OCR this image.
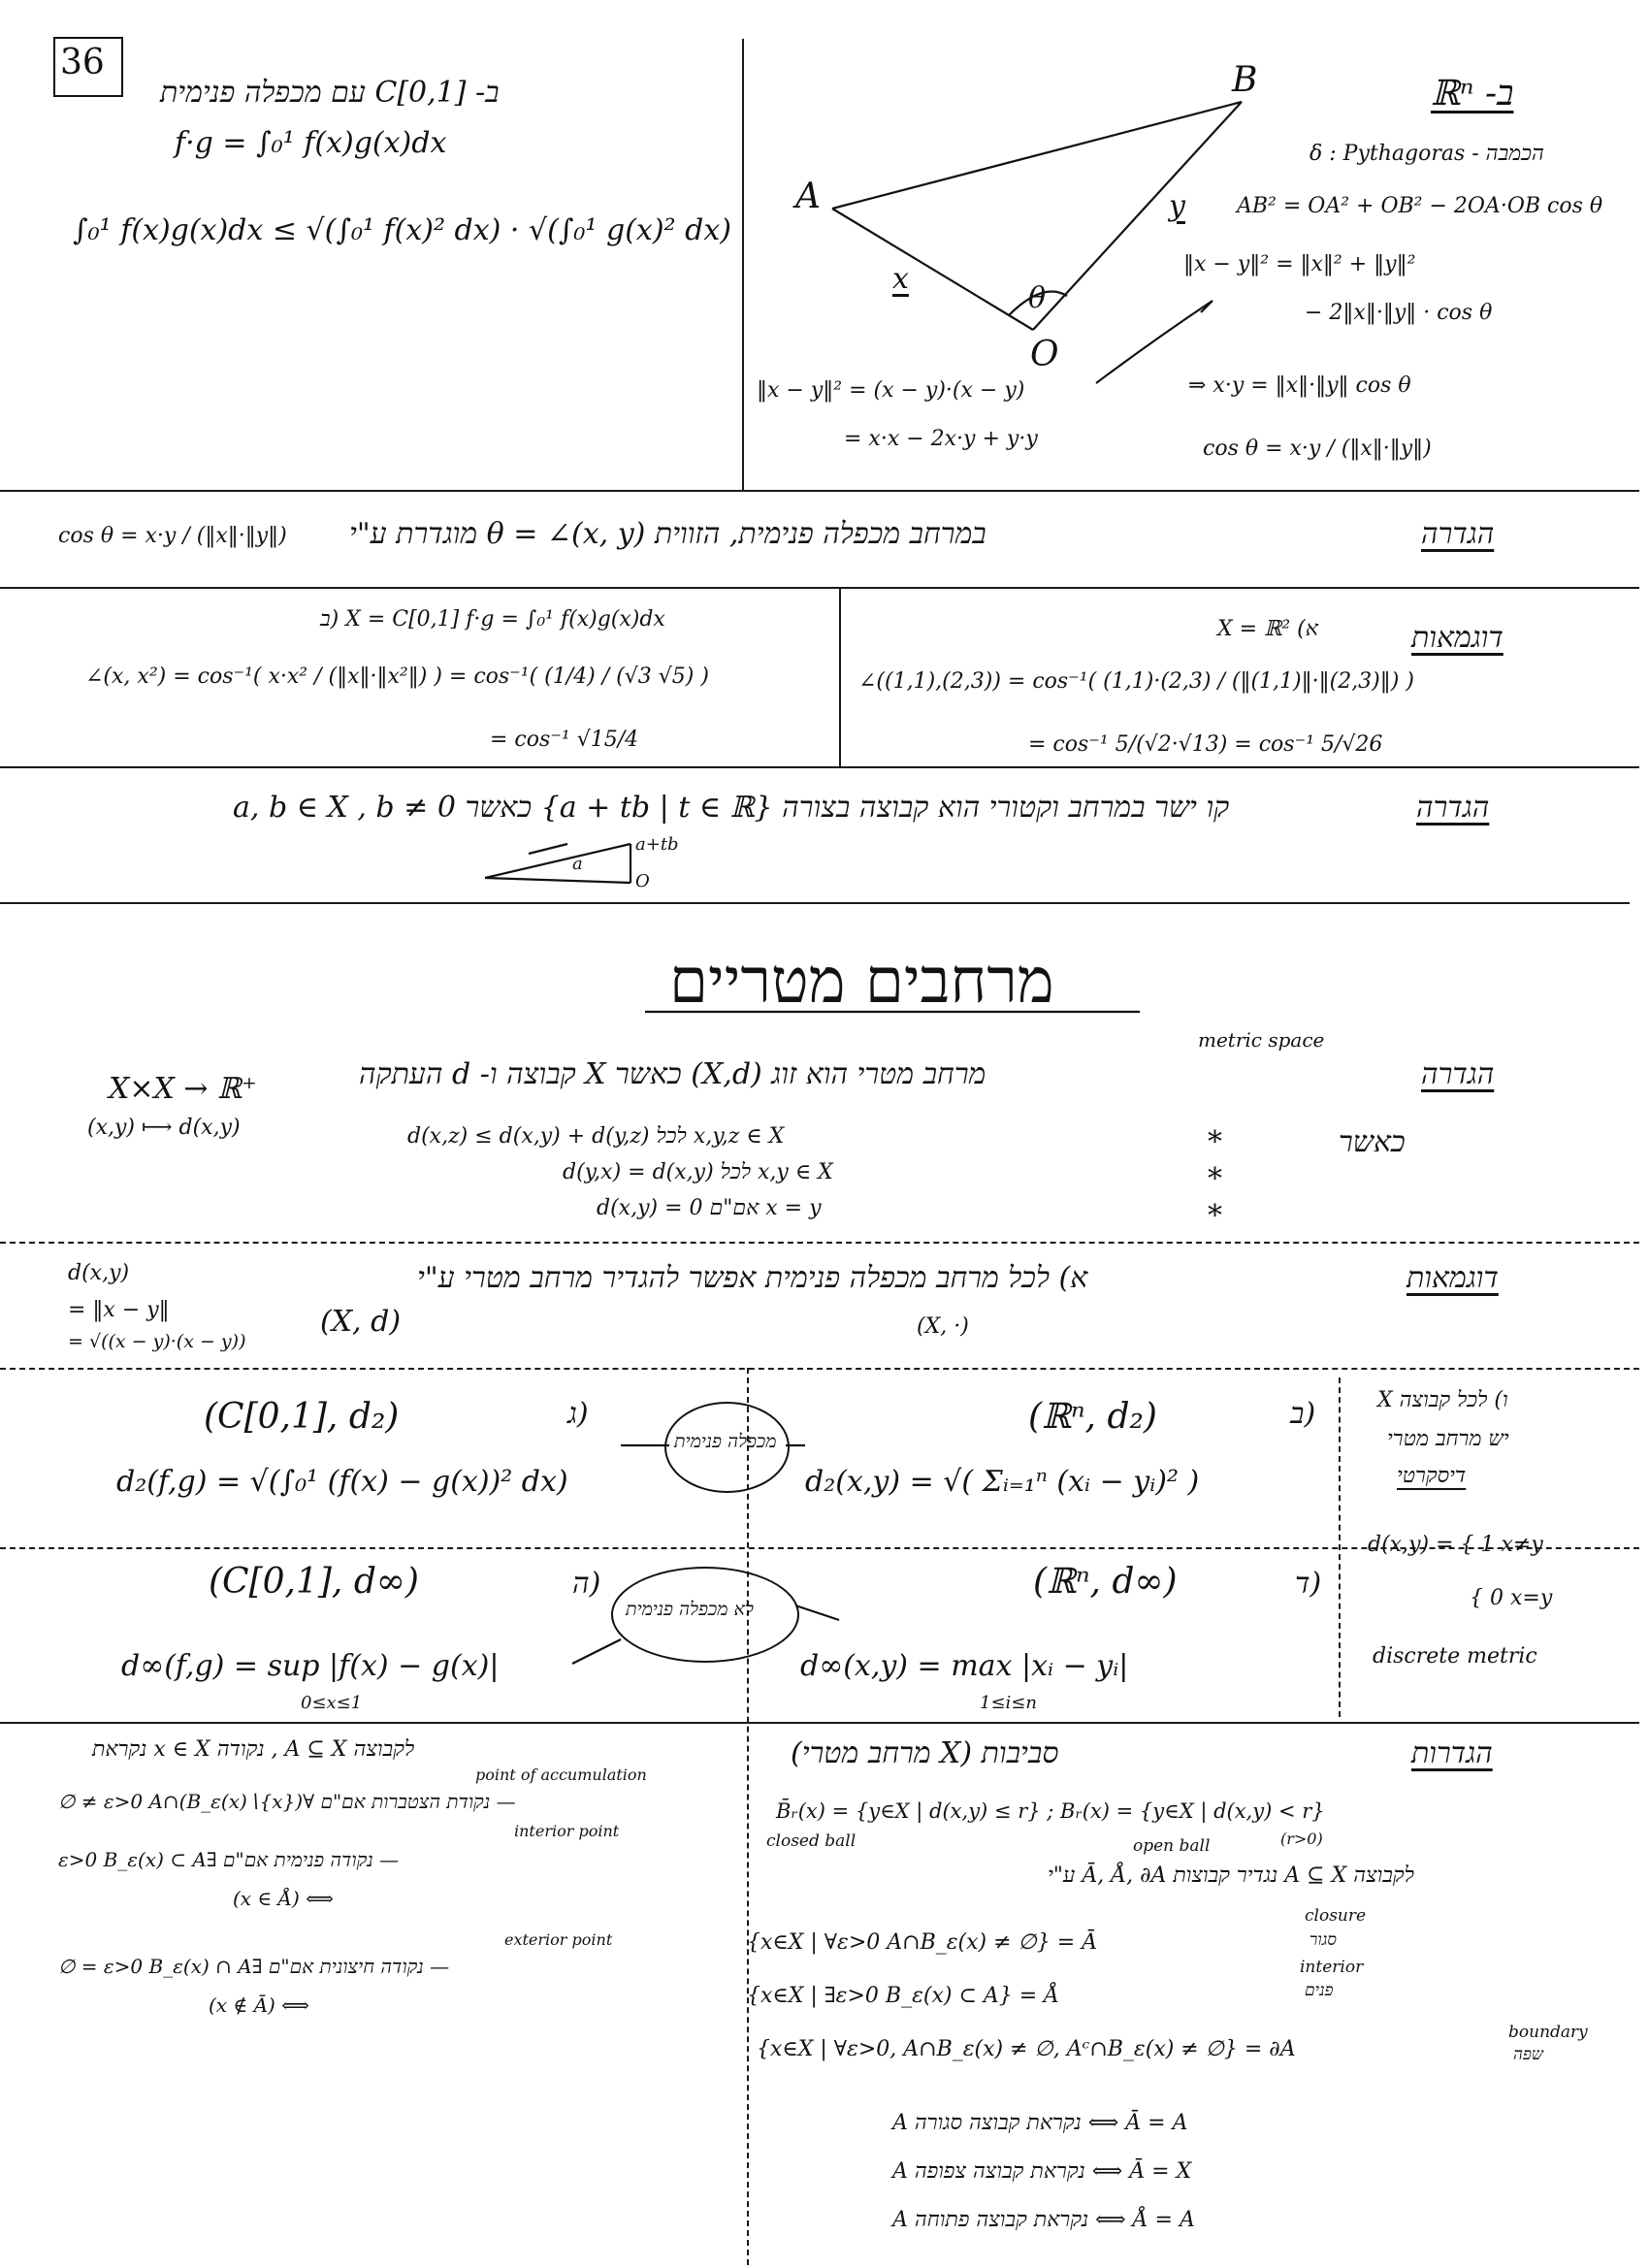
36
ב- C[0,1] עם מכפלה פנימית
f·g = ∫₀¹ f(x)g(x)dx
∫₀¹ f(x)g(x)dx ≤ √(∫₀¹ f(x)² dx) · √(∫₀¹ g(x)² dx)
A
B
O
x
y
θ
ב- ℝⁿ
הכמבה - δ : Pythagoras
AB² = OA² + OB² − 2OA·OB cos θ
‖x − y‖² = ‖x‖² + ‖y‖²
− 2‖x‖·‖y‖ · cos θ
⇒ x·y = ‖x‖·‖y‖ cos θ
cos θ = x·y / (‖x‖·‖y‖)
‖x − y‖² = (x − y)·(x − y)
= x·x − 2x·y + y·y
הגדרה
במרחב מכפלה פנימית, הזווית θ = ∠(x, y) מוגדרת ע"י
cos θ = x·y / (‖x‖·‖y‖)
דוגמאות
א) X = ℝ²
∠((1,1),(2,3)) = cos⁻¹( (1,1)·(2,3) / (‖(1,1)‖·‖(2,3)‖) )
= cos⁻¹ 5/(√2·√13) = cos⁻¹ 5/√26
ב) X = C[0,1] f·g = ∫₀¹ f(x)g(x)dx
∠(x, x²) = cos⁻¹( x·x² / (‖x‖·‖x²‖) ) = cos⁻¹( (1/4) / (√3 √5) )
= cos⁻¹ √15/4
הגדרה
קו ישר במרחב וקטורי הוא קבוצה בצורה {a + tb | t ∈ ℝ} כאשר a, b ∈ X , b ≠ 0
a
a+tb
O
מרחבים מטריים
metric space
הגדרה
מרחב מטרי הוא זוג (X,d) כאשר X קבוצה ו- d העתקה
X×X → ℝ⁺
(x,y) ⟼ d(x,y)	כאשר
d(x,z) ≤ d(x,y) + d(y,z) לכל x,y,z ∈ X
d(y,x) = d(x,y) לכל x,y ∈ X
d(x,y) = 0 אם"ם x = y
*
*
*
דוגמאות
א) לכל מרחב מכפלה פנימית אפשר להגדיר מרחב מטרי ע"י
(X, d)	(X, ·)
d(x,y)
= ‖x − y‖
= √((x − y)·(x − y))
(C[0,1], d₂)	ג)
d₂(f,g) = √(∫₀¹ (f(x) − g(x))² dx)
מכפלה פנימית
(ℝⁿ, d₂)	ב)
d₂(x,y) = √( Σᵢ₌₁ⁿ (xᵢ − yᵢ)² )
(C[0,1], d∞)	ה)
d∞(f,g) = sup |f(x) − g(x)|
0≤x≤1
לא מכפלה פנימית
(ℝⁿ, d∞)	ד)
d∞(x,y) = max |xᵢ − yᵢ|
1≤i≤n
ו) לכל קבוצה X
יש מרחב מטרי
דיסקרטי
d(x,y) = { 1 x≠y
{ 0 x=y
discrete metric
הגדרות
סביבות (X מרחב מטרי)
B̄ᵣ(x) = {y∈X | d(x,y) ≤ r} ; Bᵣ(x) = {y∈X | d(x,y) < r}
closed ball	open ball	(r>0)
לקבוצה A ⊆ X נגדיר קבוצות Ā, Å, ∂A ע"י
{x∈X | ∀ε>0 A∩B_ε(x) ≠ ∅} = Ā
closure
סגור
{x∈X | ∃ε>0 B_ε(x) ⊂ A} = Å
interior
פנים
{x∈X | ∀ε>0, A∩B_ε(x) ≠ ∅, Aᶜ∩B_ε(x) ≠ ∅} = ∂A
boundary
שפה
A נקראת קבוצה סגורה ⟺ Ā = A
A נקראת קבוצה צפופה ⟺ Ā = X
A נקראת קבוצה פתוחה ⟺ Å = A
לקבוצה A ⊆ X , נקודה x ∈ X נקראת
point of accumulation
— נקודת הצטברות אם"ם ∀ε>0 A∩(B_ε(x)∖{x}) ≠ ∅
interior point
— נקודה פנימית אם"ם ∃ε>0 B_ε(x) ⊂ A
(x ∈ Å) ⟺
exterior point
— נקודה חיצונית אם"ם ∃ε>0 B_ε(x) ∩ A = ∅
(x ∉ Ā) ⟺
